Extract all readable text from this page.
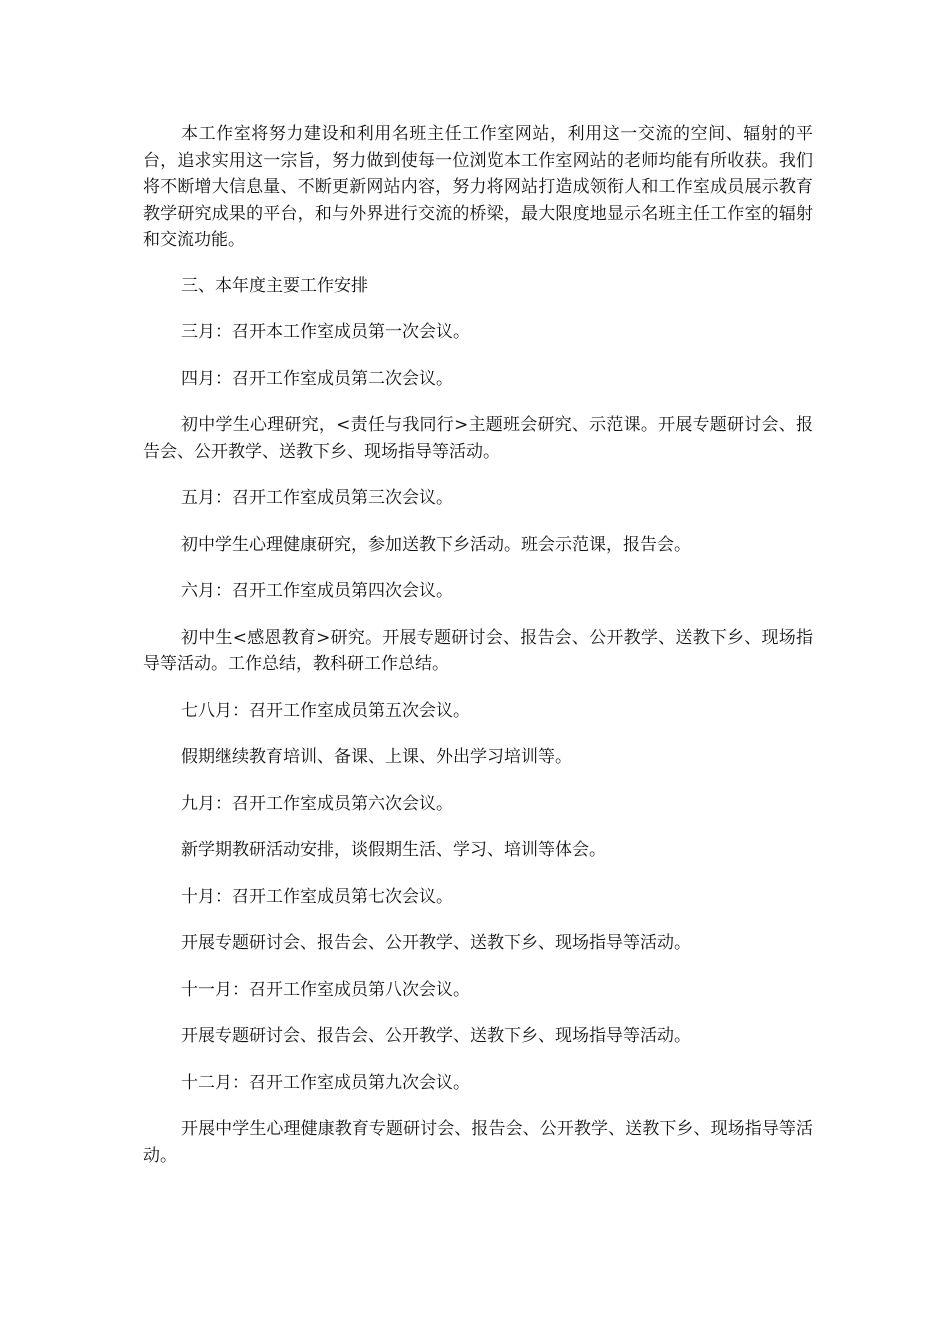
本工作室将努力建设和利用名班主任工作室网站，利用这一交流的空间、辐射的平台，追求实用这一宗旨，努力做到使每一位浏览本工作室网站的老师均能有所收获。我们将不断增大信息量、不断更新网站内容，努力将网站打造成领衔人和工作室成员展示教育教学研究成果的平台，和与外界进行交流的桥梁，最大限度地显示名班主任工作室的辐射和交流功能。

三、本年度主要工作安排

三月：召开本工作室成员第一次会议。

四月：召开工作室成员第二次会议。

初中学生心理研究，<责任与我同行>主题班会研究、示范课。开展专题研讨会、报告会、公开教学、送教下乡、现场指导等活动。

五月：召开工作室成员第三次会议。

初中学生心理健康研究，参加送教下乡活动。班会示范课，报告会。

六月：召开工作室成员第四次会议。

初中生<感恩教育>研究。开展专题研讨会、报告会、公开教学、送教下乡、现场指导等活动。工作总结，教科研工作总结。

七八月：召开工作室成员第五次会议。

假期继续教育培训、备课、上课、外出学习培训等。

九月：召开工作室成员第六次会议。

新学期教研活动安排，谈假期生活、学习、培训等体会。

十月：召开工作室成员第七次会议。

开展专题研讨会、报告会、公开教学、送教下乡、现场指导等活动。

十一月：召开工作室成员第八次会议。

开展专题研讨会、报告会、公开教学、送教下乡、现场指导等活动。

十二月：召开工作室成员第九次会议。

开展中学生心理健康教育专题研讨会、报告会、公开教学、送教下乡、现场指导等活动。
